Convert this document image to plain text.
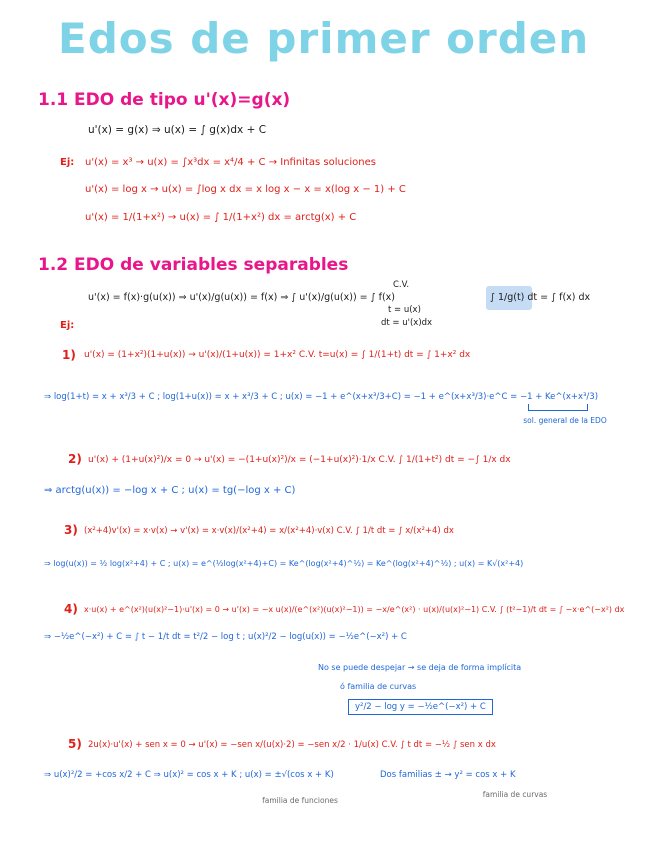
Edos de primer orden
1.1 EDO de tipo u'(x)=g(x)
u'(x) = g(x) ⇒ u(x) = ∫ g(x)dx + C
Ej: u'(x) = x³ → u(x) = ∫x³dx = x⁴/4 + C → Infinitas soluciones
u'(x) = log x → u(x) = ∫log x dx = x log x − x = x(log x − 1) + C
u'(x) = 1/(1+x²) → u(x) = ∫ 1/(1+x²) dx = arctg(x) + C
1.2 EDO de variables separables
u'(x) = f(x)·g(u(x)) ⇒ u'(x)/g(u(x)) = f(x) ⇒ ∫ u'(x)/g(u(x)) = ∫ f(x)
C.V.
t = u(x)
dt = u'(x)dx
∫ 1/g(t) dt = ∫ f(x) dx
Ej:
1) u'(x) = (1+x²)(1+u(x)) → u'(x)/(1+u(x)) = 1+x² C.V. t=u(x) = ∫ 1/(1+t) dt = ∫ 1+x² dx
⇒ log(1+t) = x + x³/3 + C ; log(1+u(x)) = x + x³/3 + C ; u(x) = −1 + e^(x+x³/3+C) = −1 + e^(x+x³/3)·e^C = −1 + Ke^(x+x³/3)
sol. general de la EDO
2) u'(x) + (1+u(x)²)/x = 0 → u'(x) = −(1+u(x)²)/x = (−1+u(x)²)·1/x C.V. ∫ 1/(1+t²) dt = −∫ 1/x dx
⇒ arctg(u(x)) = −log x + C ; u(x) = tg(−log x + C)
3) (x²+4)v'(x) = x·v(x) → v'(x) = x·v(x)/(x²+4) = x/(x²+4)·v(x) C.V. ∫ 1/t dt = ∫ x/(x²+4) dx
⇒ log(u(x)) = ½ log(x²+4) + C ; u(x) = e^(½log(x²+4)+C) = Ke^(log(x²+4)^½) = Ke^(log(x²+4)^½) ; u(x) = K√(x²+4)
4) x·u(x) + e^(x²)(u(x)²−1)·u'(x) = 0 → u'(x) = −x u(x)/(e^(x²)(u(x)²−1)) = −x/e^(x²) · u(x)/(u(x)²−1) C.V. ∫ (t²−1)/t dt = ∫ −x·e^(−x²) dx
⇒ −½e^(−x²) + C = ∫ t − 1/t dt = t²/2 − log t ; u(x)²/2 − log(u(x)) = −½e^(−x²) + C
No se puede despejar → se deja de forma implícita
ó familia de curvas
y²/2 − log y = −½e^(−x²) + C
5) 2u(x)·u'(x) + sen x = 0 → u'(x) = −sen x/(u(x)·2) = −sen x/2 · 1/u(x) C.V. ∫ t dt = −½ ∫ sen x dx
⇒ u(x)²/2 = +cos x/2 + C ⇒ u(x)² = cos x + K ; u(x) = ±√(cos x + K)	Dos familias ± → y² = cos x + K
familia de funciones
familia de curvas
